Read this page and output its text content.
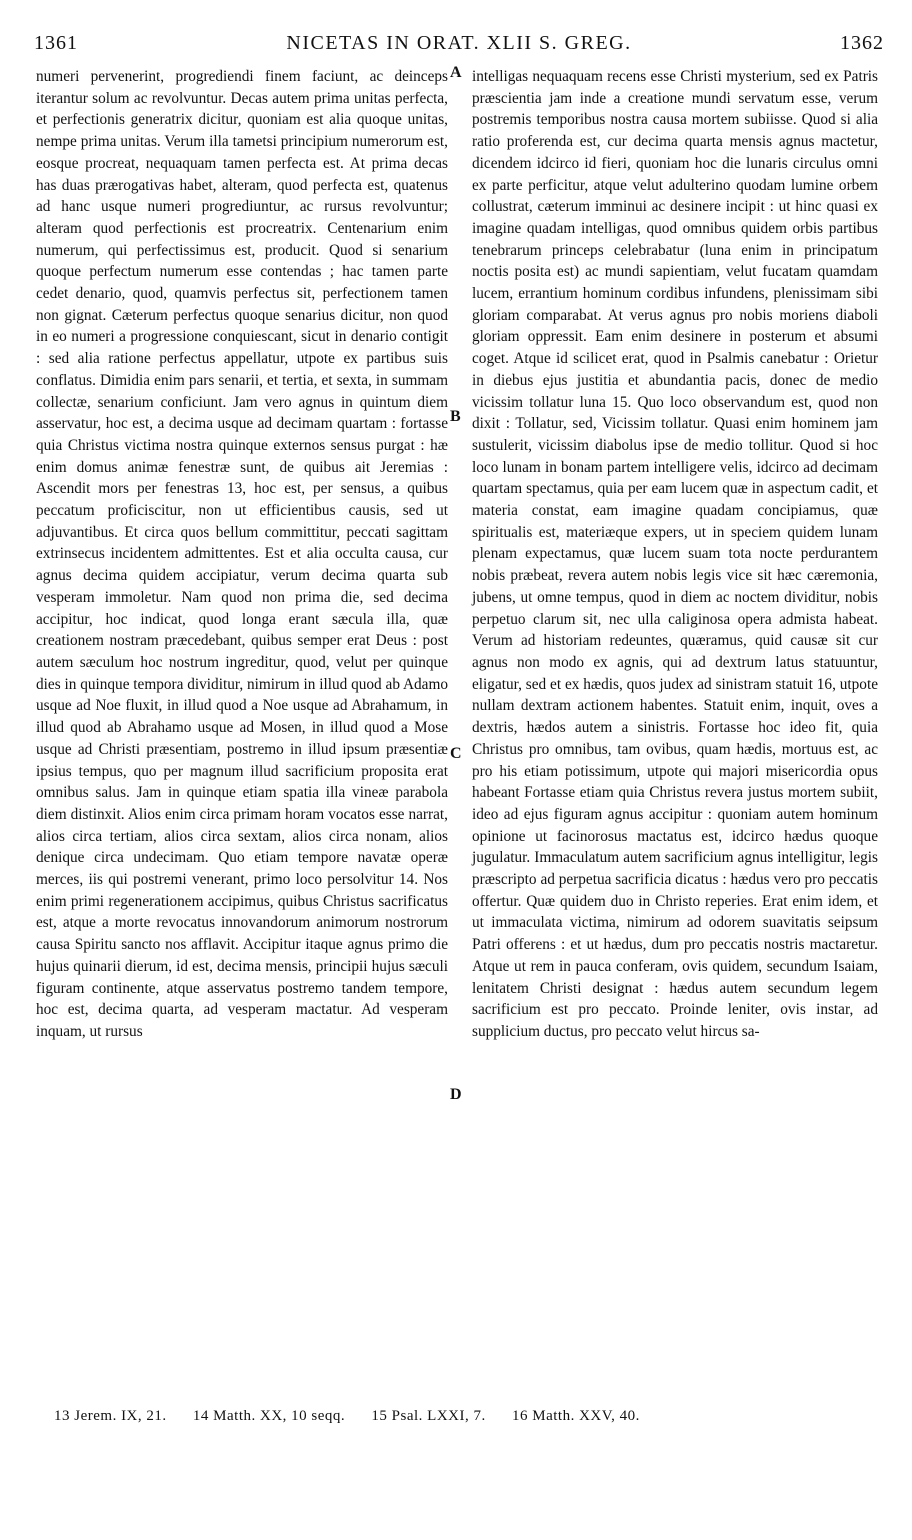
1361	NICETAS IN ORAT. XLII S. GREG.	1362

numeri pervenerint, progrediendi finem faciunt, ac deinceps iterantur solum ac revolvuntur. Decas autem prima unitas perfecta, et perfectionis generatrix dicitur, quoniam est alia quoque unitas, nempe prima unitas. Verum illa tametsi principium numerorum est, eosque procreat, nequaquam tamen perfecta est. At prima decas has duas prærogativas habet, alteram, quod perfecta est, quatenus ad hanc usque numeri progrediuntur, ac rursus revolvuntur; alteram quod perfectionis est procreatrix. Centenarium enim numerum, qui perfectissimus est, producit. Quod si senarium quoque perfectum numerum esse contendas ; hac tamen parte cedet denario, quod, quamvis perfectus sit, perfectionem tamen non gignat. Cæterum perfectus quoque senarius dicitur, non quod in eo numeri a progressione conquiescant, sicut in denario contigit : sed alia ratione perfectus appellatur, utpote ex partibus suis conflatus. Dimidia enim pars senarii, et tertia, et sexta, in summam collectæ, senarium conficiunt. Jam vero agnus in quintum diem asservatur, hoc est, a decima usque ad decimam quartam : fortasse quia Christus victima nostra quinque externos sensus purgat : hæ enim domus animæ fenestræ sunt, de quibus ait Jeremias : Ascendit mors per fenestras 13, hoc est, per sensus, a quibus peccatum proficiscitur, non ut efficientibus causis, sed ut adjuvantibus. Et circa quos bellum committitur, peccati sagittam extrinsecus incidentem admittentes. Est et alia occulta causa, cur agnus decima quidem accipiatur, verum decima quarta sub vesperam immoletur. Nam quod non prima die, sed decima accipitur, hoc indicat, quod longa erant sæcula illa, quæ creationem nostram præcedebant, quibus semper erat Deus : post autem sæculum hoc nostrum ingreditur, quod, velut per quinque dies in quinque tempora dividitur, nimirum in illud quod ab Adamo usque ad Noe fluxit, in illud quod a Noe usque ad Abrahamum, in illud quod ab Abrahamo usque ad Mosen, in illud quod a Mose usque ad Christi præsentiam, postremo in illud ipsum præsentiæ ipsius tempus, quo per magnum illud sacrificium proposita erat omnibus salus. Jam in quinque etiam spatia illa vineæ parabola diem distinxit. Alios enim circa primam horam vocatos esse narrat, alios circa tertiam, alios circa sextam, alios circa nonam, alios denique circa undecimam. Quo etiam tempore navatæ operæ merces, iis qui postremi venerant, primo loco persolvitur 14. Nos enim primi regenerationem accipimus, quibus Christus sacrificatus est, atque a morte revocatus innovandorum animorum nostrorum causa Spiritu sancto nos afflavit. Accipitur itaque agnus primo die hujus quinarii dierum, id est, decima mensis, principii hujus sæculi figuram continente, atque asservatus postremo tandem tempore, hoc est, decima quarta, ad vesperam mactatur. Ad vesperam inquam, ut rursus

intelligas nequaquam recens esse Christi mysterium, sed ex Patris præscientia jam inde a creatione mundi servatum esse, verum postremis temporibus nostra causa mortem subiisse. Quod si alia ratio proferenda est, cur decima quarta mensis agnus mactetur, dicendem idcirco id fieri, quoniam hoc die lunaris circulus omni ex parte perficitur, atque velut adulterino quodam lumine orbem collustrat, cæterum imminui ac desinere incipit : ut hinc quasi ex imagine quadam intelligas, quod omnibus quidem orbis partibus tenebrarum princeps celebrabatur (luna enim in principatum noctis posita est) ac mundi sapientiam, velut fucatam quamdam lucem, errantium hominum cordibus infundens, plenissimam sibi gloriam comparabat. At verus agnus pro nobis moriens diaboli gloriam oppressit. Eam enim desinere in posterum et absumi coget. Atque id scilicet erat, quod in Psalmis canebatur : Orietur in diebus ejus justitia et abundantia pacis, donec de medio vicissim tollatur luna 15. Quo loco observandum est, quod non dixit : Tollatur, sed, Vicissim tollatur. Quasi enim hominem jam sustulerit, vicissim diabolus ipse de medio tollitur. Quod si hoc loco lunam in bonam partem intelligere velis, idcirco ad decimam quartam spectamus, quia per eam lucem quæ in aspectum cadit, et materia constat, eam imagine quadam concipiamus, quæ spiritualis est, materiæque expers, ut in speciem quidem lunam plenam expectamus, quæ lucem suam tota nocte perdurantem nobis præbeat, revera autem nobis legis vice sit hæc cæremonia, jubens, ut omne tempus, quod in diem ac noctem dividitur, nobis perpetuo clarum sit, nec ulla caliginosa opera admista habeat. Verum ad historiam redeuntes, quæramus, quid causæ sit cur agnus non modo ex agnis, qui ad dextrum latus statuuntur, eligatur, sed et ex hædis, quos judex ad sinistram statuit 16, utpote nullam dextram actionem habentes. Statuit enim, inquit, oves a dextris, hædos autem a sinistris. Fortasse hoc ideo fit, quia Christus pro omnibus, tam ovibus, quam hædis, mortuus est, ac pro his etiam potissimum, utpote qui majori misericordia opus habeant Fortasse etiam quia Christus revera justus mortem subiit, ideo ad ejus figuram agnus accipitur : quoniam autem hominum opinione ut facinorosus mactatus est, idcirco hædus quoque jugulatur. Immaculatum autem sacrificium agnus intelligitur, legis præscripto ad perpetua sacrificia dicatus : hædus vero pro peccatis offertur. Quæ quidem duo in Christo reperies. Erat enim idem, et ut immaculata victima, nimirum ad odorem suavitatis seipsum Patri offerens : et ut hædus, dum pro peccatis nostris mactaretur. Atque ut rem in pauca conferam, ovis quidem, secundum Isaiam, lenitatem Christi designat : hædus autem secundum legem sacrificium est pro peccato. Proinde leniter, ovis instar, ad supplicium ductus, pro peccato velut hircus sa-

A
B
C
D
13 Jerem. IX, 21. 14 Matth. XX, 10 seqq. 15 Psal. LXXI, 7. 16 Matth. XXV, 40.
